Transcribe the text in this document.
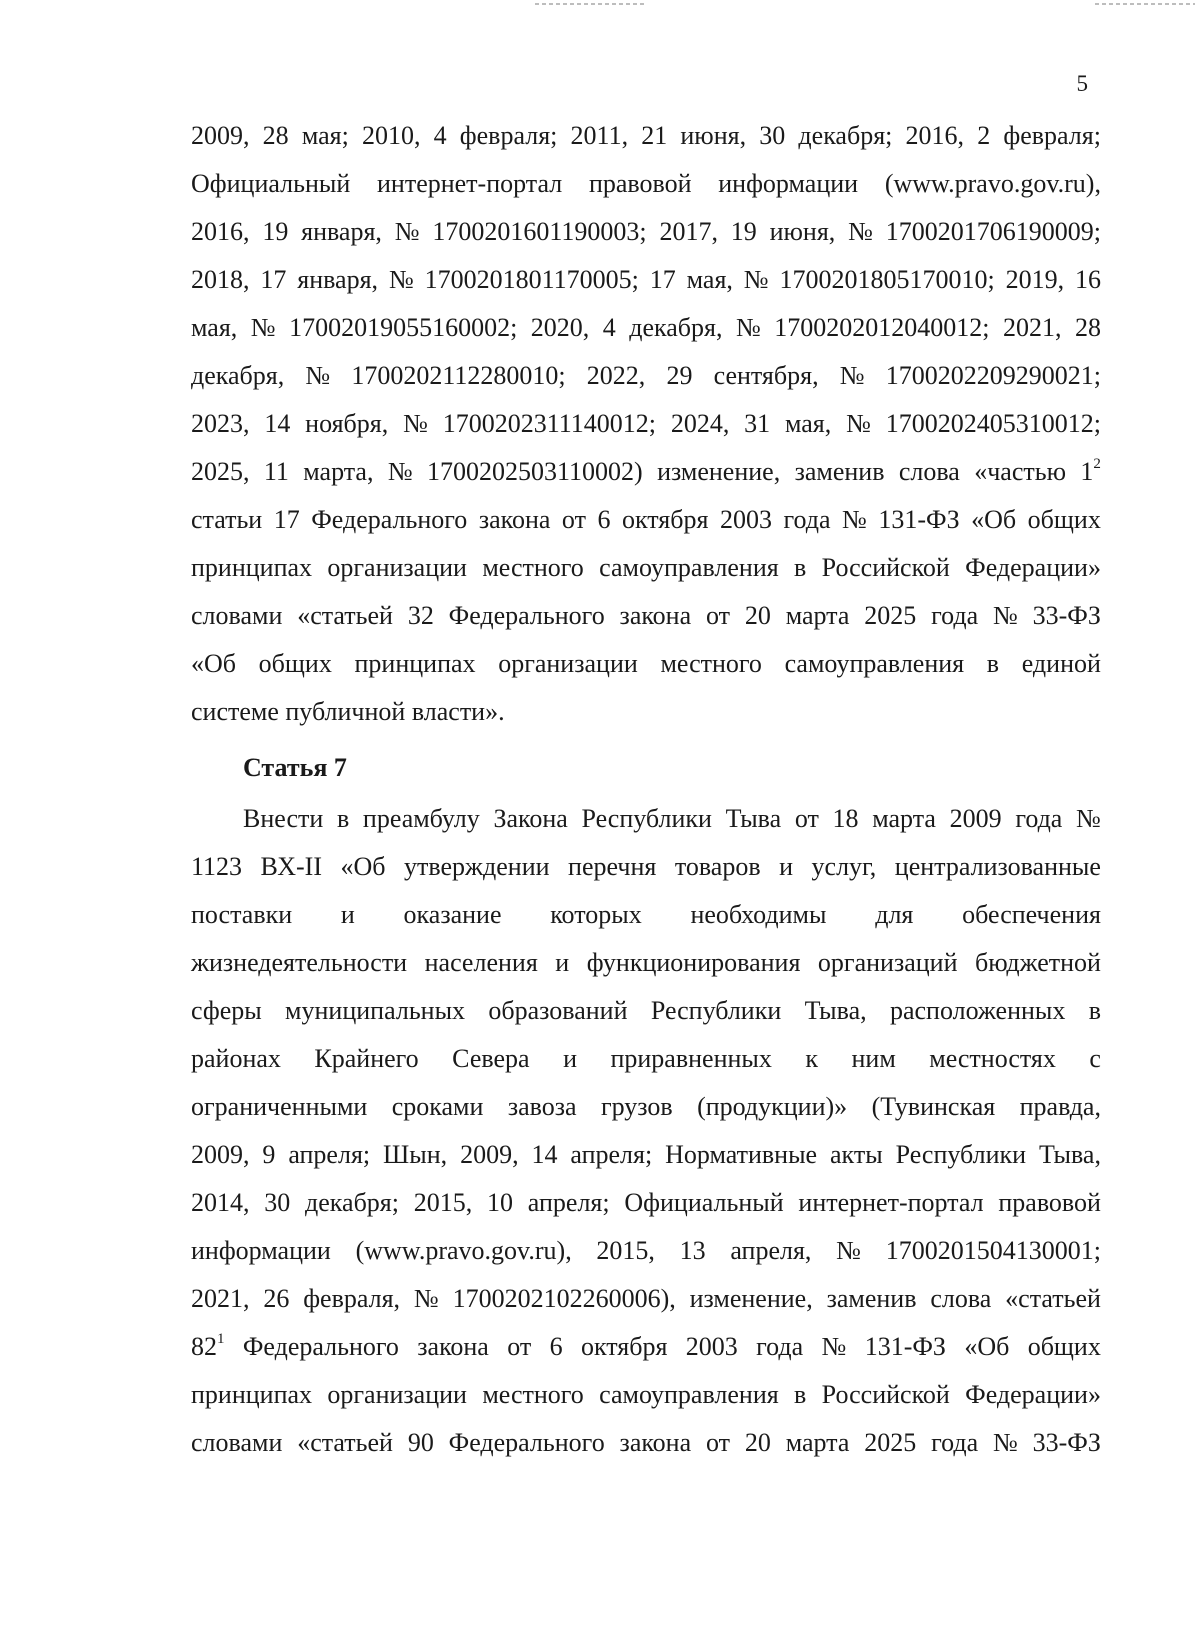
5
2009, 28 мая; 2010, 4 февраля; 2011, 21 июня, 30 декабря; 2016, 2 февраля;
Официальный интернет-портал правовой информации (www.pravo.gov.ru),
2016, 19 января, № 1700201601190003; 2017, 19 июня, № 1700201706190009;
2018, 17 января, № 1700201801170005; 17 мая, № 1700201805170010; 2019, 16
мая, № 17002019055160002; 2020, 4 декабря, № 1700202012040012; 2021, 28
декабря, № 1700202112280010; 2022, 29 сентября, № 1700202209290021;
2023, 14 ноября, № 1700202311140012; 2024, 31 мая, № 1700202405310012;
2025, 11 марта, № 1700202503110002) изменение, заменив слова «частью $1^2$
статьи 17 Федерального закона от 6 октября 2003 года № 131-ФЗ «Об общих
принципах организации местного самоуправления в Российской Федерации»
словами «статьей 32 Федерального закона от 20 марта 2025 года № 33-ФЗ
«Об общих принципах организации местного самоуправления в единой
системе публичной власти».
Статья 7
Внести в преамбулу Закона Республики Тыва от 18 марта 2009 года №
1123 ВХ-II «Об утверждении перечня товаров и услуг, централизованные
поставки и оказание которых необходимы для обеспечения
жизнедеятельности населения и функционирования организаций бюджетной
сферы муниципальных образований Республики Тыва, расположенных в
районах Крайнего Севера и приравненных к ним местностях с
ограниченными сроками завоза грузов (продукции)» (Тувинская правда,
2009, 9 апреля; Шын, 2009, 14 апреля; Нормативные акты Республики Тыва,
2014, 30 декабря; 2015, 10 апреля; Официальный интернет-портал правовой
информации (www.pravo.gov.ru), 2015, 13 апреля, № 1700201504130001;
2021, 26 февраля, № 1700202102260006), изменение, заменив слова «статьей
$82^1$ Федерального закона от 6 октября 2003 года № 131-ФЗ «Об общих
принципах организации местного самоуправления в Российской Федерации»
словами «статьей 90 Федерального закона от 20 марта 2025 года № 33-ФЗ
